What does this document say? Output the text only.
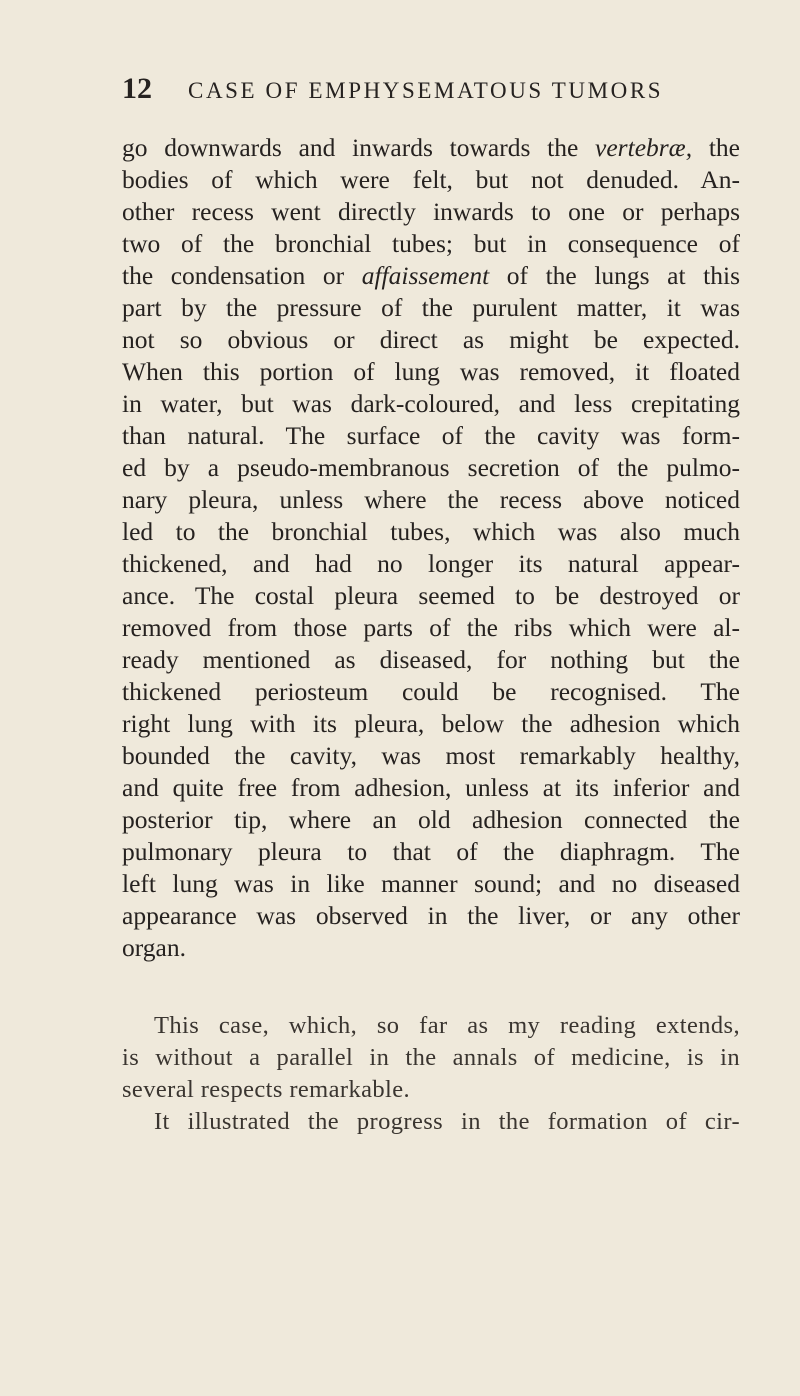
12 CASE OF EMPHYSEMATOUS TUMORS
go downwards and inwards towards the vertebræ, the
bodies of which were felt, but not denuded. An-
other recess went directly inwards to one or perhaps
two of the bronchial tubes; but in consequence of
the condensation or affaissement of the lungs at this
part by the pressure of the purulent matter, it was
not so obvious or direct as might be expected.
When this portion of lung was removed, it floated
in water, but was dark-coloured, and less crepitating
than natural. The surface of the cavity was form-
ed by a pseudo-membranous secretion of the pulmo-
nary pleura, unless where the recess above noticed
led to the bronchial tubes, which was also much
thickened, and had no longer its natural appear-
ance. The costal pleura seemed to be destroyed or
removed from those parts of the ribs which were al-
ready mentioned as diseased, for nothing but the
thickened periosteum could be recognised. The
right lung with its pleura, below the adhesion which
bounded the cavity, was most remarkably healthy,
and quite free from adhesion, unless at its inferior and
posterior tip, where an old adhesion connected the
pulmonary pleura to that of the diaphragm. The
left lung was in like manner sound; and no diseased
appearance was observed in the liver, or any other
organ.
This case, which, so far as my reading extends,
is without a parallel in the annals of medicine, is in
several respects remarkable.
It illustrated the progress in the formation of cir-
